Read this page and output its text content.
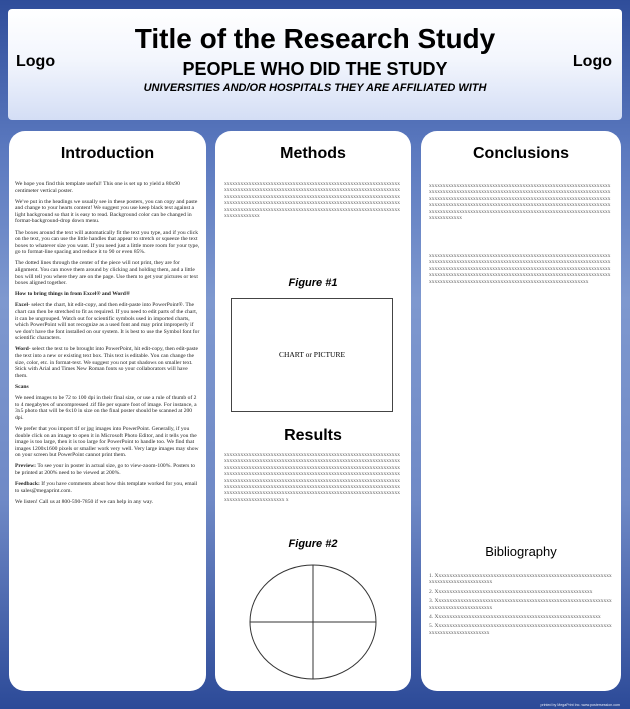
Logo
Title of the Research Study
PEOPLE WHO DID THE STUDY
UNIVERSITIES AND/OR HOSPITALS THEY ARE AFFILIATED WITH
Logo
Introduction

We hope you find this template useful! This one is set up to yield a 80x90 centimeter vertical poster.

We've put in the headings we usually see in these posters, you can copy and paste and change to your hearts content! We suggest you use keep black text against a light background so that it is easy to read. Background color can be changed in format-background-drop down menu.

The boxes around the text will automatically fit the text you type, and if you click on the text, you can use the little handles that appear to stretch or squeeze the text boxes to whatever size you want. If you need just a little more room for your type, go to format-line spacing and reduce it to 90 or even 85%.

The dotted lines through the center of the piece will not print, they are for alignment. You can move them around by clicking and holding them, and a little box will tell you where they are on the page. Use them to get your pictures or text boxes aligned together.

How to bring things in from Excel® and Word®

Excel- select the chart, hit edit-copy, and then edit-paste into PowerPoint®. The chart can then be stretched to fit as required. If you need to edit parts of the chart, it can be ungrouped. Watch out for scientific symbols used in imported charts, which PowerPoint will not recognize as a used font and may print improperly if we don't have the font installed on our system. It is best to use the Symbol font for scientific characters.

Word- select the text to be brought into PowerPoint, hit edit-copy, then edit-paste the text into a new or existing text box. This text is editable. You can change the size, color, etc. in format-text. We suggest you not put shadows on smaller text. Stick with Arial and Times New Roman fonts so your collaborators will have them.

Scans

We need images to be 72 to 100 dpi in their final size, or use a rule of thumb of 2 to 4 megabytes of uncompressed .tif file per square foot of image. For instance, a 3x5 photo that will be 6x10 in size on the final poster should be scanned at 200 dpi.

We prefer that you import tif or jpg images into PowerPoint. Generally, if you double click on an image to open it in Microsoft Photo Editor, and it tells you the image is too large, then it is too large for PowerPoint to handle too. We find that images 1200x1600 pixels or smaller work very well. Very large images may show on your screen but PowerPoint cannot print them.

Preview: To see your in poster in actual size, go to view-zoom-100%. Posters to be printed at 200% need to be viewed at 200%.

Feedback: If you have comments about how this template worked for you, email to sales@megaprint.com.

We listen! Call us at 800-590-7850 if we can help in any way.

Methods
xxxxxxxxxxxxxxxxxxxxxxxxxxxxxxxxxxxxxxxxxxxxxxxxxxxxxxxxxxxxxxxxxxxxxxxxxxxxxxxxxxxxxxxxxxxxxxxxxxxxxxxxxxxxxxxxxxxxxxxxxxxxxxxxxxxxxxxxxxxxxxxxxxxxxxxxxxxxxxxxxxxxxxxxxxxxxxxxxxxxxxxxxxxxxxxxxxxxxxxxxxxxxxxxxxxxxxxxxxxxxxxxxxxxxxxxxxxxxxxxxxxxxxxxxxxxxxxxxxxxxxxxxxxxxxxxxxxxxxxxxxxxxxxxxxxxxxxxxxxxxxxxxxxxxxxxxxxxxxxxxxxxxxxxxxxxx
Figure #1
CHART or PICTURE
Results
xxxxxxxxxxxxxxxxxxxxxxxxxxxxxxxxxxxxxxxxxxxxxxxxxxxxxxxxxxxxxxxxxxxxxxxxxxxxxxxxxxxxxxxxxxxxxxxxxxxxxxxxxxxxxxxxxxxxxxxxxxxxxxxxxxxxxxxxxxxxxxxxxxxxxxxxxxxxxxxxxxxxxxxxxxxxxxxxxxxxxxxxxxxxxxxxxxxxxxxxxxxxxxxxxxxxxxxxxxxxxxxxxxxxxxxxxxxxxxxxxxxxxxxxxxxxxxxxxxxxxxxxxxxxxxxxxxxxxxxxxxxxxxxxxxxxxxxxxxxxxxxxxxxxxxxxxxxxxxxxxxxxxxxxxxxxxxxxxxxxxxxxxxxxxxxxxxxxxxxxxxxxxxxxxxxxxxxxxxxxxxxxxxxxxxxxxxxxxxxxxxxxxxxxxxxxxxxxxxxxxxxxxxxxxxxxxxxxxxxxxxxxxxxxxxxxxxxxxxxxxxxxxxxxxx x
Figure #2
Conclusions
xxxxxxxxxxxxxxxxxxxxxxxxxxxxxxxxxxxxxxxxxxxxxxxxxxxxxxxxxxxxxxxxxxxxxxxxxxxxxxxxxxxxxxxxxxxxxxxxxxxxxxxxxxxxxxxxxxxxxxxxxxxxxxxxxxxxxxxxxxxxxxxxxxxxxxxxxxxxxxxxxxxxxxxxxxxxxxxxxxxxxxxxxxxxxxxxxxxxxxxxxxxxxxxxxxxxxxxxxxxxxxxxxxxxxxxxxxxxxxxxxxxxxxxxxxxxxxxxxxxxxxxxxxxxxxxxxxxxxxxxxxxxxxxxxxxxxxxxxxxxxxxxxxxxxxxxxxxxxxxxxxxxxxxxxxxxxxxxxxxxxx
xxxxxxxxxxxxxxxxxxxxxxxxxxxxxxxxxxxxxxxxxxxxxxxxxxxxxxxxxxxxxxxxxxxxxxxxxxxxxxxxxxxxxxxxxxxxxxxxxxxxxxxxxxxxxxxxxxxxxxxxxxxxxxxxxxxxxxxxxxxxxxxxxxxxxxxxxxxxxxxxxxxxxxxxxxxxxxxxxxxxxxxxxxxxxxxxxxxxxxxxxxxxxxxxxxxxxxxxxxxxxxxxxxxxxxxxxxxxxxxxxxxxxxxxxxxxxxxxxxxxxxxxxxxxxxxxxxxxxxxxxxxxxxxxxxxxxxxxxxxxxxxxxxxxxxxxxxxxxxxxxx
Bibliography
1. Xxxxxxxxxxxxxxxxxxxxxxxxxxxxxxxxxxxxxxxxxxxxxxxxxxxxxxxxxxxxxxxxxxxxxxxxxxxxxxxxxxxxxxx
2. Xxxxxxxxxxxxxxxxxxxxxxxxxxxxxxxxxxxxxxxxxxxxxxxxxxxxxxxxx
3. Xxxxxxxxxxxxxxxxxxxxxxxxxxxxxxxxxxxxxxxxxxxxxxxxxxxxxxxxxxxxxxxxxxxxxxxxxxxxxxxxxxxxxxx
4. Xxxxxxxxxxxxxxxxxxxxxxxxxxxxxxxxxxxxxxxxxxxxxxxxxxxxxxxxxxxx
5. Xxxxxxxxxxxxxxxxxxxxxxxxxxxxxxxxxxxxxxxxxxxxxxxxxxxxxxxxxxxxxxxxxxxxxxxxxxxxxxxxxxxxxx
printed by MegaPrint Inc. www.postersession.com
